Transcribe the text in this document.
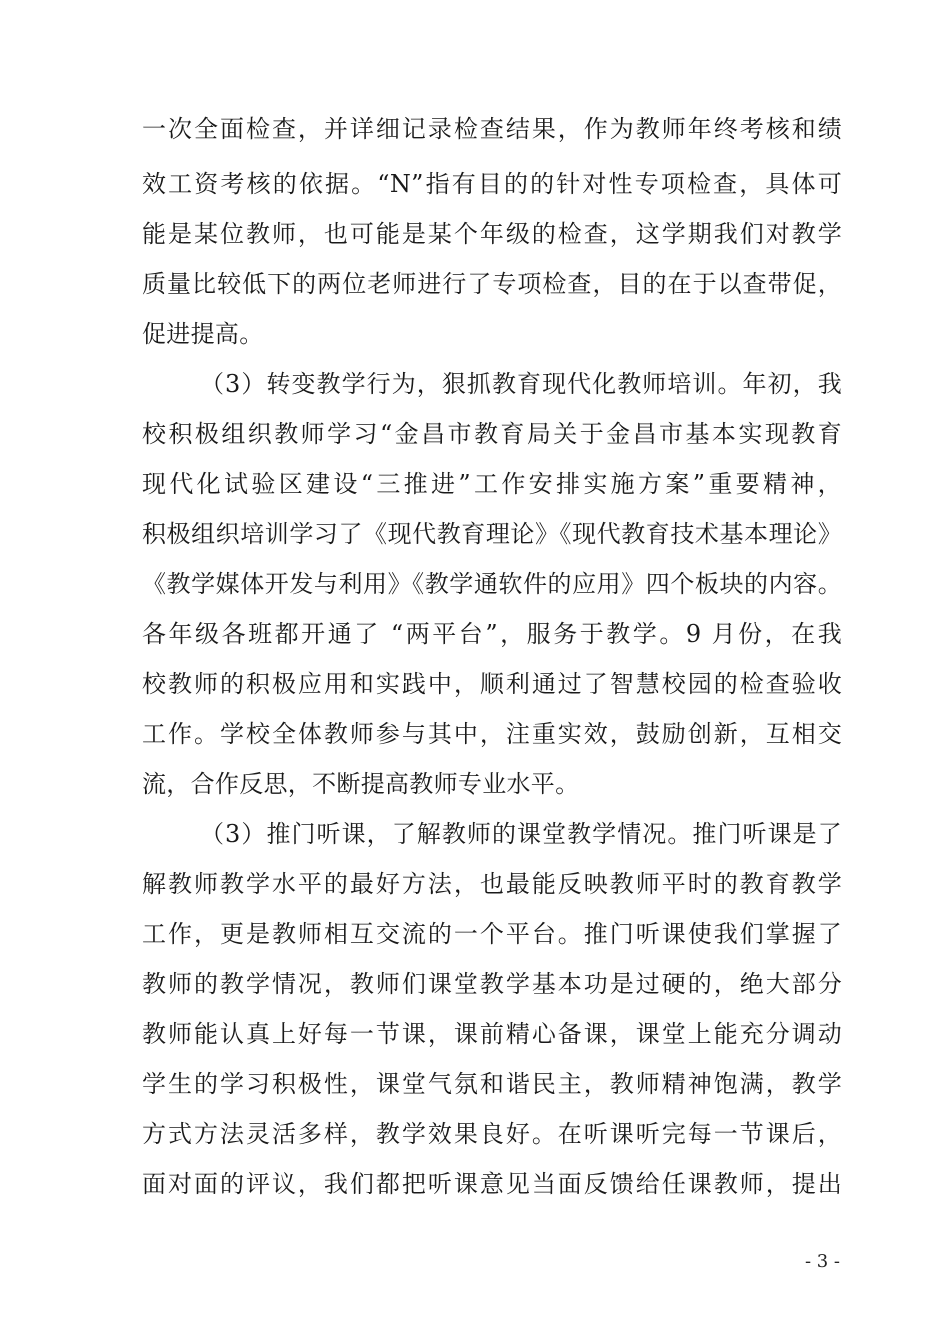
一次全面检查，并详细记录检查结果，作为教师年终考核和绩
效工资考核的依据。“N”指有目的的针对性专项检查，具体可
能是某位教师，也可能是某个年级的检查，这学期我们对教学
质量比较低下的两位老师进行了专项检查，目的在于以查带促，
促进提高。
（3）转变教学行为，狠抓教育现代化教师培训。年初，我
校积极组织教师学习“金昌市教育局关于金昌市基本实现教育
现代化试验区建设“三推进”工作安排实施方案”重要精神，
积极组织培训学习了《现代教育理论》《现代教育技术基本理论》
《教学媒体开发与利用》《教学通软件的应用》四个板块的内容。
各年级各班都开通了 “两平台”，服务于教学。9 月份，在我
校教师的积极应用和实践中，顺利通过了智慧校园的检查验收
工作。学校全体教师参与其中，注重实效，鼓励创新，互相交
流，合作反思，不断提高教师专业水平。
（3）推门听课，了解教师的课堂教学情况。推门听课是了
解教师教学水平的最好方法，也最能反映教师平时的教育教学
工作，更是教师相互交流的一个平台。推门听课使我们掌握了
教师的教学情况，教师们课堂教学基本功是过硬的，绝大部分
教师能认真上好每一节课，课前精心备课，课堂上能充分调动
学生的学习积极性，课堂气氛和谐民主，教师精神饱满，教学
方式方法灵活多样，教学效果良好。在听课听完每一节课后，
面对面的评议，我们都把听课意见当面反馈给任课教师，提出
- 3 -
